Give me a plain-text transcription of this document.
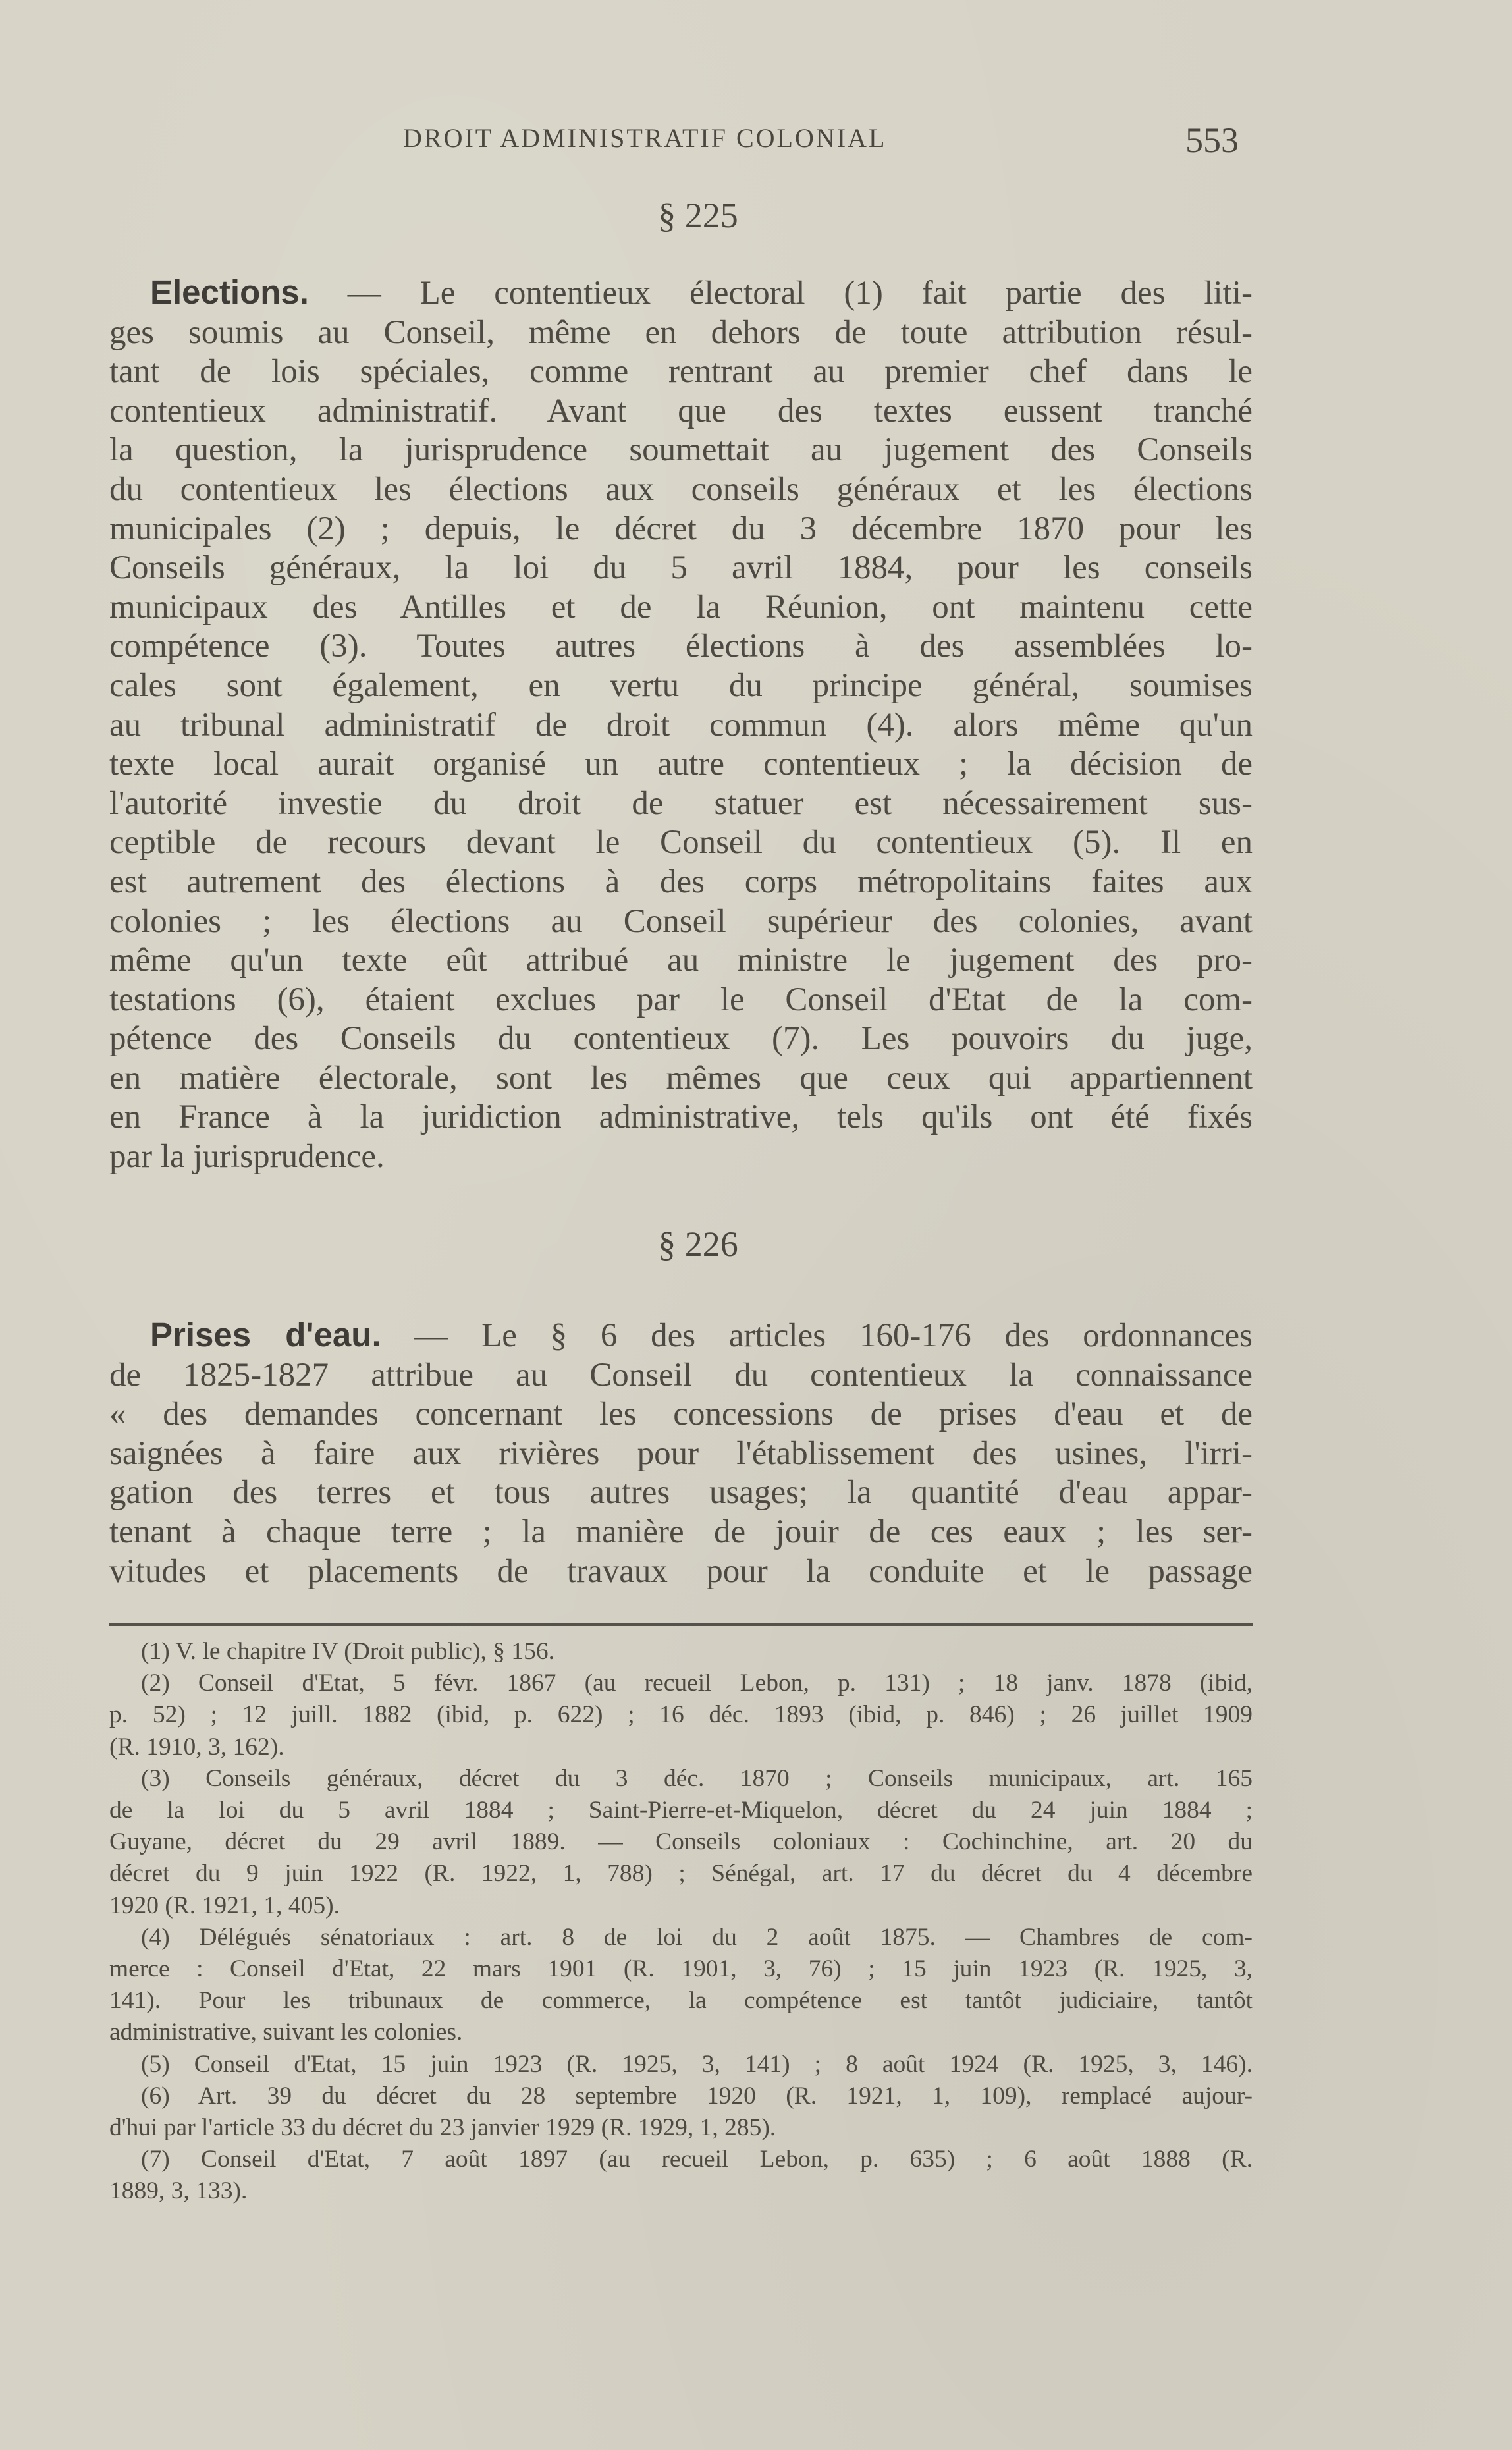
DROIT ADMINISTRATIF COLONIAL	553
§ 225
Elections. — Le contentieux électoral (1) fait partie des liti-
ges soumis au Conseil, même en dehors de toute attribution résul-
tant de lois spéciales, comme rentrant au premier chef dans le
contentieux administratif. Avant que des textes eussent tranché
la question, la jurisprudence soumettait au jugement des Conseils
du contentieux les élections aux conseils généraux et les élections
municipales (2) ; depuis, le décret du 3 décembre 1870 pour les
Conseils généraux, la loi du 5 avril 1884, pour les conseils
municipaux des Antilles et de la Réunion, ont maintenu cette
compétence (3). Toutes autres élections à des assemblées lo-
cales sont également, en vertu du principe général, soumises
au tribunal administratif de droit commun (4). alors même qu'un
texte local aurait organisé un autre contentieux ; la décision de
l'autorité investie du droit de statuer est nécessairement sus-
ceptible de recours devant le Conseil du contentieux (5). Il en
est autrement des élections à des corps métropolitains faites aux
colonies ; les élections au Conseil supérieur des colonies, avant
même qu'un texte eût attribué au ministre le jugement des pro-
testations (6), étaient exclues par le Conseil d'Etat de la com-
pétence des Conseils du contentieux (7). Les pouvoirs du juge,
en matière électorale, sont les mêmes que ceux qui appartiennent
en France à la juridiction administrative, tels qu'ils ont été fixés
par la jurisprudence.
§ 226
Prises d'eau. — Le § 6 des articles 160-176 des ordonnances
de 1825-1827 attribue au Conseil du contentieux la connaissance
« des demandes concernant les concessions de prises d'eau et de
saignées à faire aux rivières pour l'établissement des usines, l'irri-
gation des terres et tous autres usages; la quantité d'eau appar-
tenant à chaque terre ; la manière de jouir de ces eaux ; les ser-
vitudes et placements de travaux pour la conduite et le passage
(1) V. le chapitre IV (Droit public), § 156.
(2) Conseil d'Etat, 5 févr. 1867 (au recueil Lebon, p. 131) ; 18 janv. 1878 (ibid,
p. 52) ; 12 juill. 1882 (ibid, p. 622) ; 16 déc. 1893 (ibid, p. 846) ; 26 juillet 1909
(R. 1910, 3, 162).
(3) Conseils généraux, décret du 3 déc. 1870 ; Conseils municipaux, art. 165
de la loi du 5 avril 1884 ; Saint-Pierre-et-Miquelon, décret du 24 juin 1884 ;
Guyane, décret du 29 avril 1889. — Conseils coloniaux : Cochinchine, art. 20 du
décret du 9 juin 1922 (R. 1922, 1, 788) ; Sénégal, art. 17 du décret du 4 décembre
1920 (R. 1921, 1, 405).
(4) Délégués sénatoriaux : art. 8 de loi du 2 août 1875. — Chambres de com-
merce : Conseil d'Etat, 22 mars 1901 (R. 1901, 3, 76) ; 15 juin 1923 (R. 1925, 3,
141). Pour les tribunaux de commerce, la compétence est tantôt judiciaire, tantôt
administrative, suivant les colonies.
(5) Conseil d'Etat, 15 juin 1923 (R. 1925, 3, 141) ; 8 août 1924 (R. 1925, 3, 146).
(6) Art. 39 du décret du 28 septembre 1920 (R. 1921, 1, 109), remplacé aujour-
d'hui par l'article 33 du décret du 23 janvier 1929 (R. 1929, 1, 285).
(7) Conseil d'Etat, 7 août 1897 (au recueil Lebon, p. 635) ; 6 août 1888 (R.
1889, 3, 133).
